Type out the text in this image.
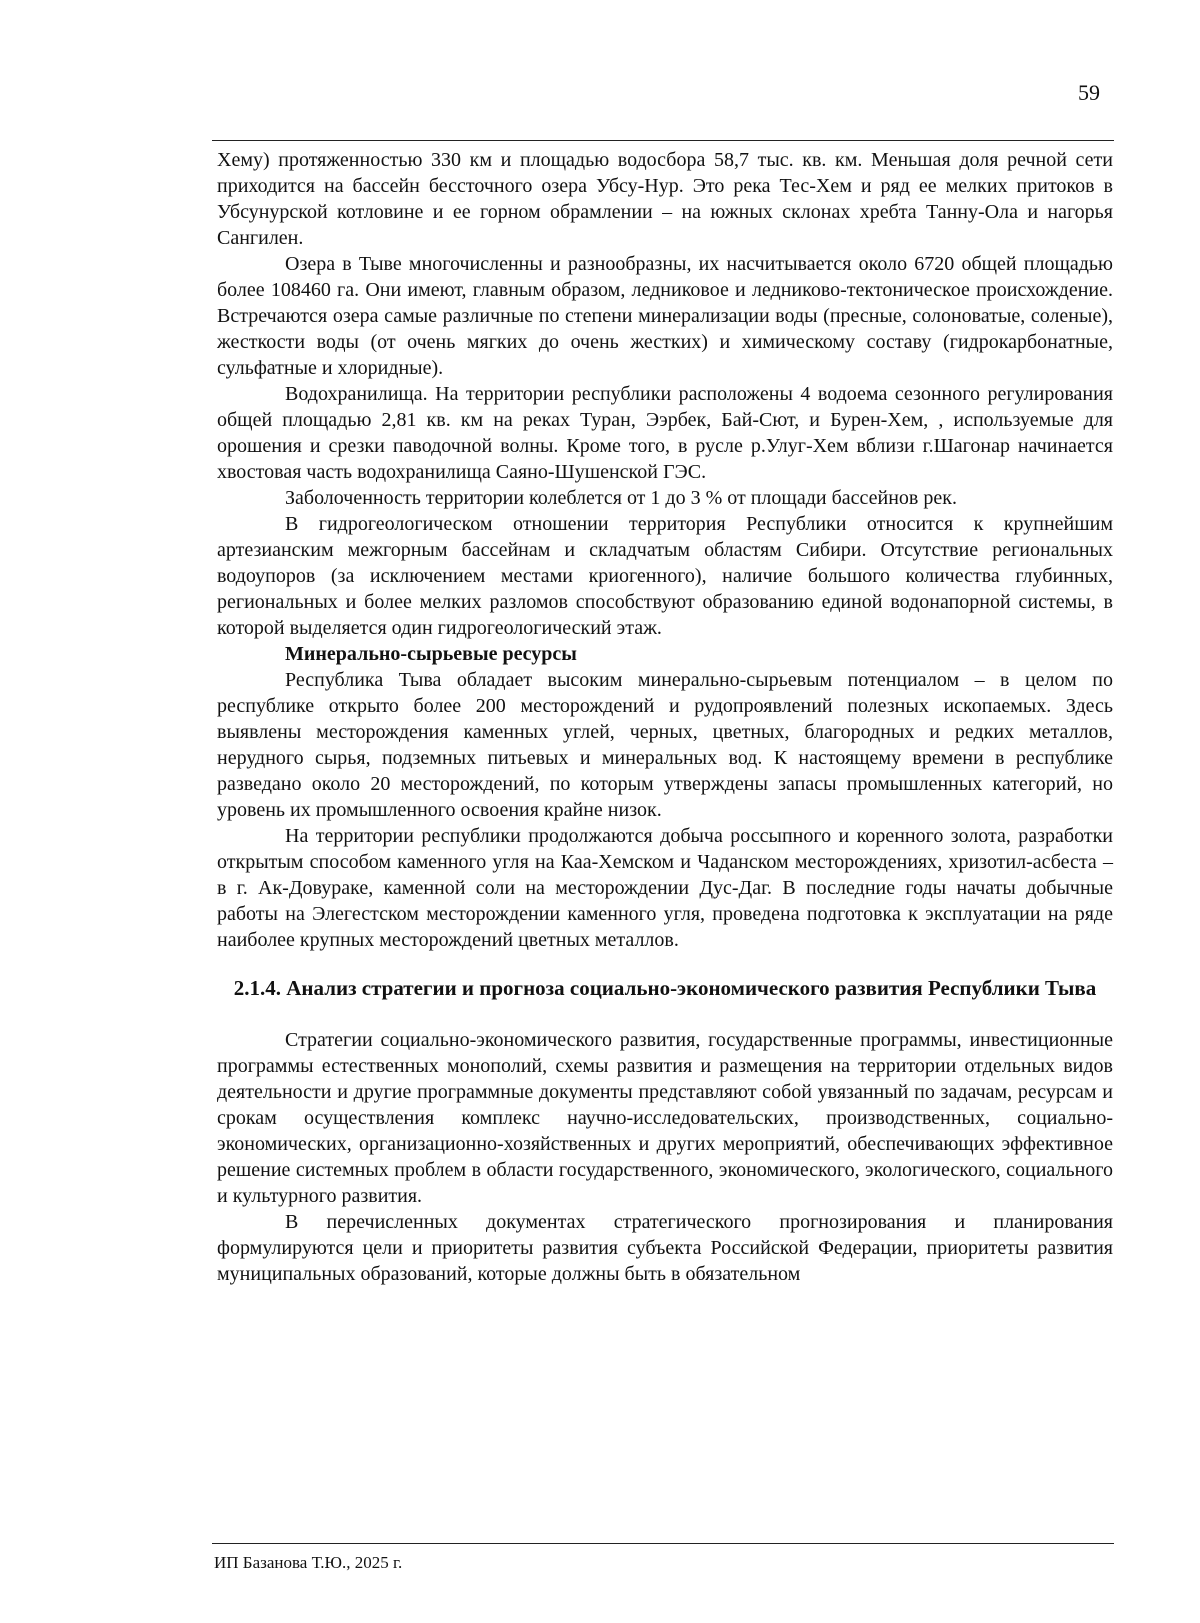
59

Хему) протяженностью 330 км и площадью водосбора 58,7 тыс. кв. км. Меньшая доля речной сети приходится на бассейн бессточного озера Убсу-Нур. Это река Тес-Хем и ряд ее мелких притоков в Убсунурской котловине и ее горном обрамлении – на южных склонах хребта Танну-Ола и нагорья Сангилен.

Озера в Тыве многочисленны и разнообразны, их насчитывается около 6720 общей площадью более 108460 га. Они имеют, главным образом, ледниковое и ледниково-тектоническое происхождение. Встречаются озера самые различные по степени минерализации воды (пресные, солоноватые, соленые), жесткости воды (от очень мягких до очень жестких) и химическому составу (гидрокарбонатные, сульфатные и хлоридные).

Водохранилища. На территории республики расположены 4 водоема сезонного регулирования общей площадью 2,81 кв. км на реках Туран, Ээрбек, Бай-Сют, и Бурен-Хем, , используемые для орошения и срезки паводочной волны. Кроме того, в русле р.Улуг-Хем вблизи г.Шагонар начинается хвостовая часть водохранилища Саяно-Шушенской ГЭС.

Заболоченность территории колеблется от 1 до 3 % от площади бассейнов рек.

В гидрогеологическом отношении территория Республики относится к крупнейшим артезианским межгорным бассейнам и складчатым областям Сибири. Отсутствие региональных водоупоров (за исключением местами криогенного), наличие большого количества глубинных, региональных и более мелких разломов способствуют образованию единой водонапорной системы, в которой выделяется один гидрогеологический этаж.

Минерально-сырьевые ресурсы

Республика Тыва обладает высоким минерально-сырьевым потенциалом – в целом по республике открыто более 200 месторождений и рудопроявлений полезных ископаемых. Здесь выявлены месторождения каменных углей, черных, цветных, благородных и редких металлов, нерудного сырья, подземных питьевых и минеральных вод. К настоящему времени в республике разведано около 20 месторождений, по которым утверждены запасы промышленных категорий, но уровень их промышленного освоения крайне низок.

На территории республики продолжаются добыча россыпного и коренного золота, разработки открытым способом каменного угля на Каа-Хемском и Чаданском месторождениях, хризотил-асбеста – в г. Ак-Довураке, каменной соли на месторождении Дус-Даг. В последние годы начаты добычные работы на Элегестском месторождении каменного угля, проведена подготовка к эксплуатации на ряде наиболее крупных месторождений цветных металлов.

2.1.4. Анализ стратегии и прогноза социально-экономического развития Республики Тыва

Стратегии социально-экономического развития, государственные программы, инвестиционные программы естественных монополий, схемы развития и размещения на территории отдельных видов деятельности и другие программные документы представляют собой увязанный по задачам, ресурсам и срокам осуществления комплекс научно-исследовательских, производственных, социально-экономических, организационно-хозяйственных и других мероприятий, обеспечивающих эффективное решение системных проблем в области государственного, экономического, экологического, социального и культурного развития.

В перечисленных документах стратегического прогнозирования и планирования формулируются цели и приоритеты развития субъекта Российской Федерации, приоритеты развития муниципальных образований, которые должны быть в обязательном

ИП Базанова Т.Ю., 2025 г.
